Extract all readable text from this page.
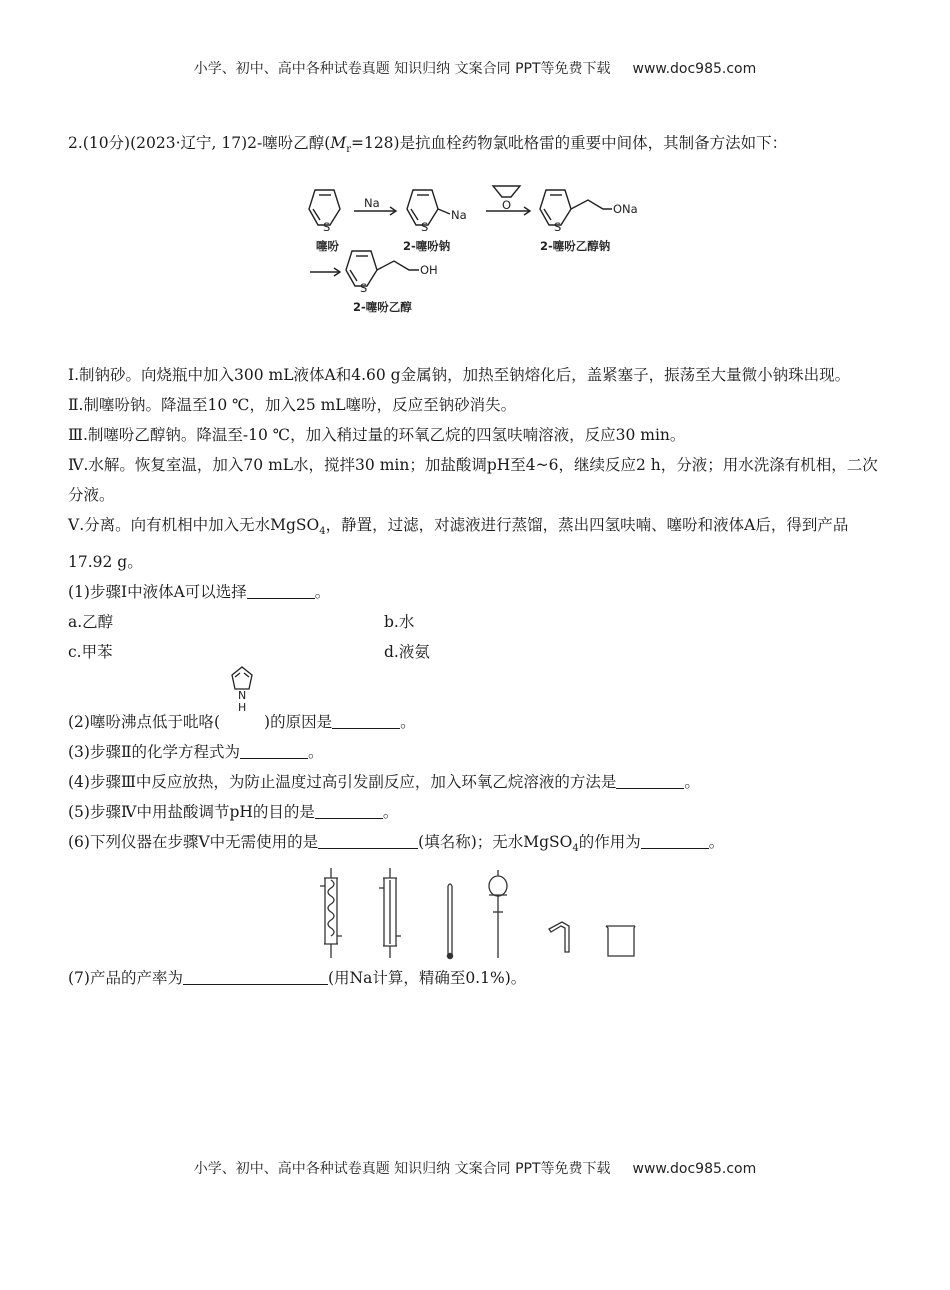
小学、初中、高中各种试卷真题 知识归纳 文案合同 PPT等免费下载 www.doc985.com

2.(10分)(2023·辽宁, 17)2-噻吩乙醇$(M_r=128)$是抗血栓药物氯吡格雷的重要中间体，其制备方法如下：

S
Na
S
Na
O
S
ONa
S
OH
噻吩	2-噻吩钠	2-噻吩乙醇钠
2-噻吩乙醇

Ⅰ.制钠砂。向烧瓶中加入300 mL液体A和4.60 g金属钠，加热至钠熔化后，盖紧塞子，振荡至大量微小钠珠出现。

Ⅱ.制噻吩钠。降温至10 ℃，加入25 mL噻吩，反应至钠砂消失。

Ⅲ.制噻吩乙醇钠。降温至-10 ℃，加入稍过量的环氧乙烷的四氢呋喃溶液，反应30 min。

Ⅳ.水解。恢复室温，加入70 mL水，搅拌30 min；加盐酸调pH至4~6，继续反应2 h，分液；用水洗涤有机相，二次分液。

Ⅴ.分离。向有机相中加入无水MgSO$_4$，静置，过滤，对滤液进行蒸馏，蒸出四氢呋喃、噻吩和液体A后，得到产品17.92 g。

(1)步骤Ⅰ中液体A可以选择	。

a.乙醇	b.水
c.甲苯	d.液氨

(2)噻吩沸点低于吡咯(
N
H
)的原因是	。

(3)步骤Ⅱ的化学方程式为	。

(4)步骤Ⅲ中反应放热，为防止温度过高引发副反应，加入环氧乙烷溶液的方法是	。

(5)步骤Ⅳ中用盐酸调节pH的目的是	。

(6)下列仪器在步骤Ⅴ中无需使用的是	(填名称)；无水MgSO$_4$的作用为	。

(7)产品的产率为	(用Na计算，精确至0.1%)。

小学、初中、高中各种试卷真题 知识归纳 文案合同 PPT等免费下载 www.doc985.com
